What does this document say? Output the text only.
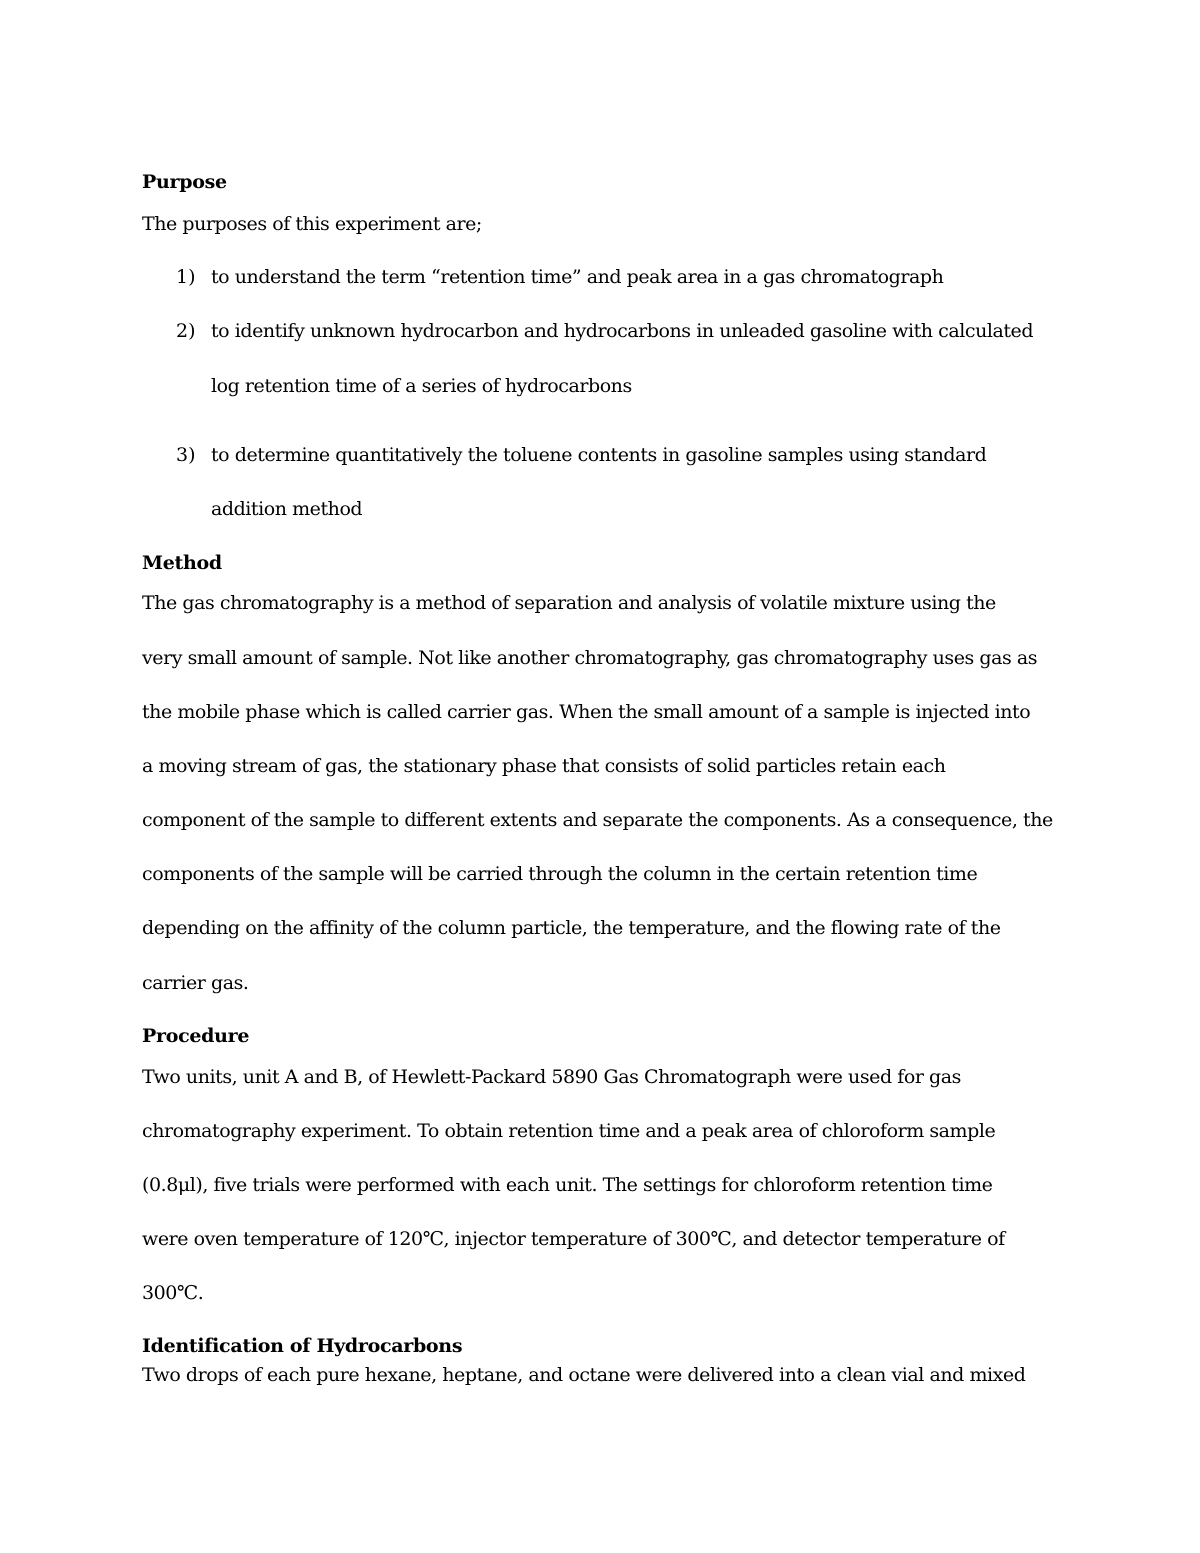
Purpose
The purposes of this experiment are;
1) to understand the term “retention time” and peak area in a gas chromatograph
2) to identify unknown hydrocarbon and hydrocarbons in unleaded gasoline with calculated
log retention time of a series of hydrocarbons
3) to determine quantitatively the toluene contents in gasoline samples using standard
addition method
Method
The gas chromatography is a method of separation and analysis of volatile mixture using the
very small amount of sample. Not like another chromatography, gas chromatography uses gas as
the mobile phase which is called carrier gas. When the small amount of a sample is injected into
a moving stream of gas, the stationary phase that consists of solid particles retain each
component of the sample to different extents and separate the components. As a consequence, the
components of the sample will be carried through the column in the certain retention time
depending on the affinity of the column particle, the temperature, and the flowing rate of the
carrier gas.
Procedure
Two units, unit A and B, of Hewlett-Packard 5890 Gas Chromatograph were used for gas
chromatography experiment. To obtain retention time and a peak area of chloroform sample
(0.8μl), five trials were performed with each unit. The settings for chloroform retention time
were oven temperature of 120℃, injector temperature of 300℃, and detector temperature of
300℃.
Identification of Hydrocarbons
Two drops of each pure hexane, heptane, and octane were delivered into a clean vial and mixed
